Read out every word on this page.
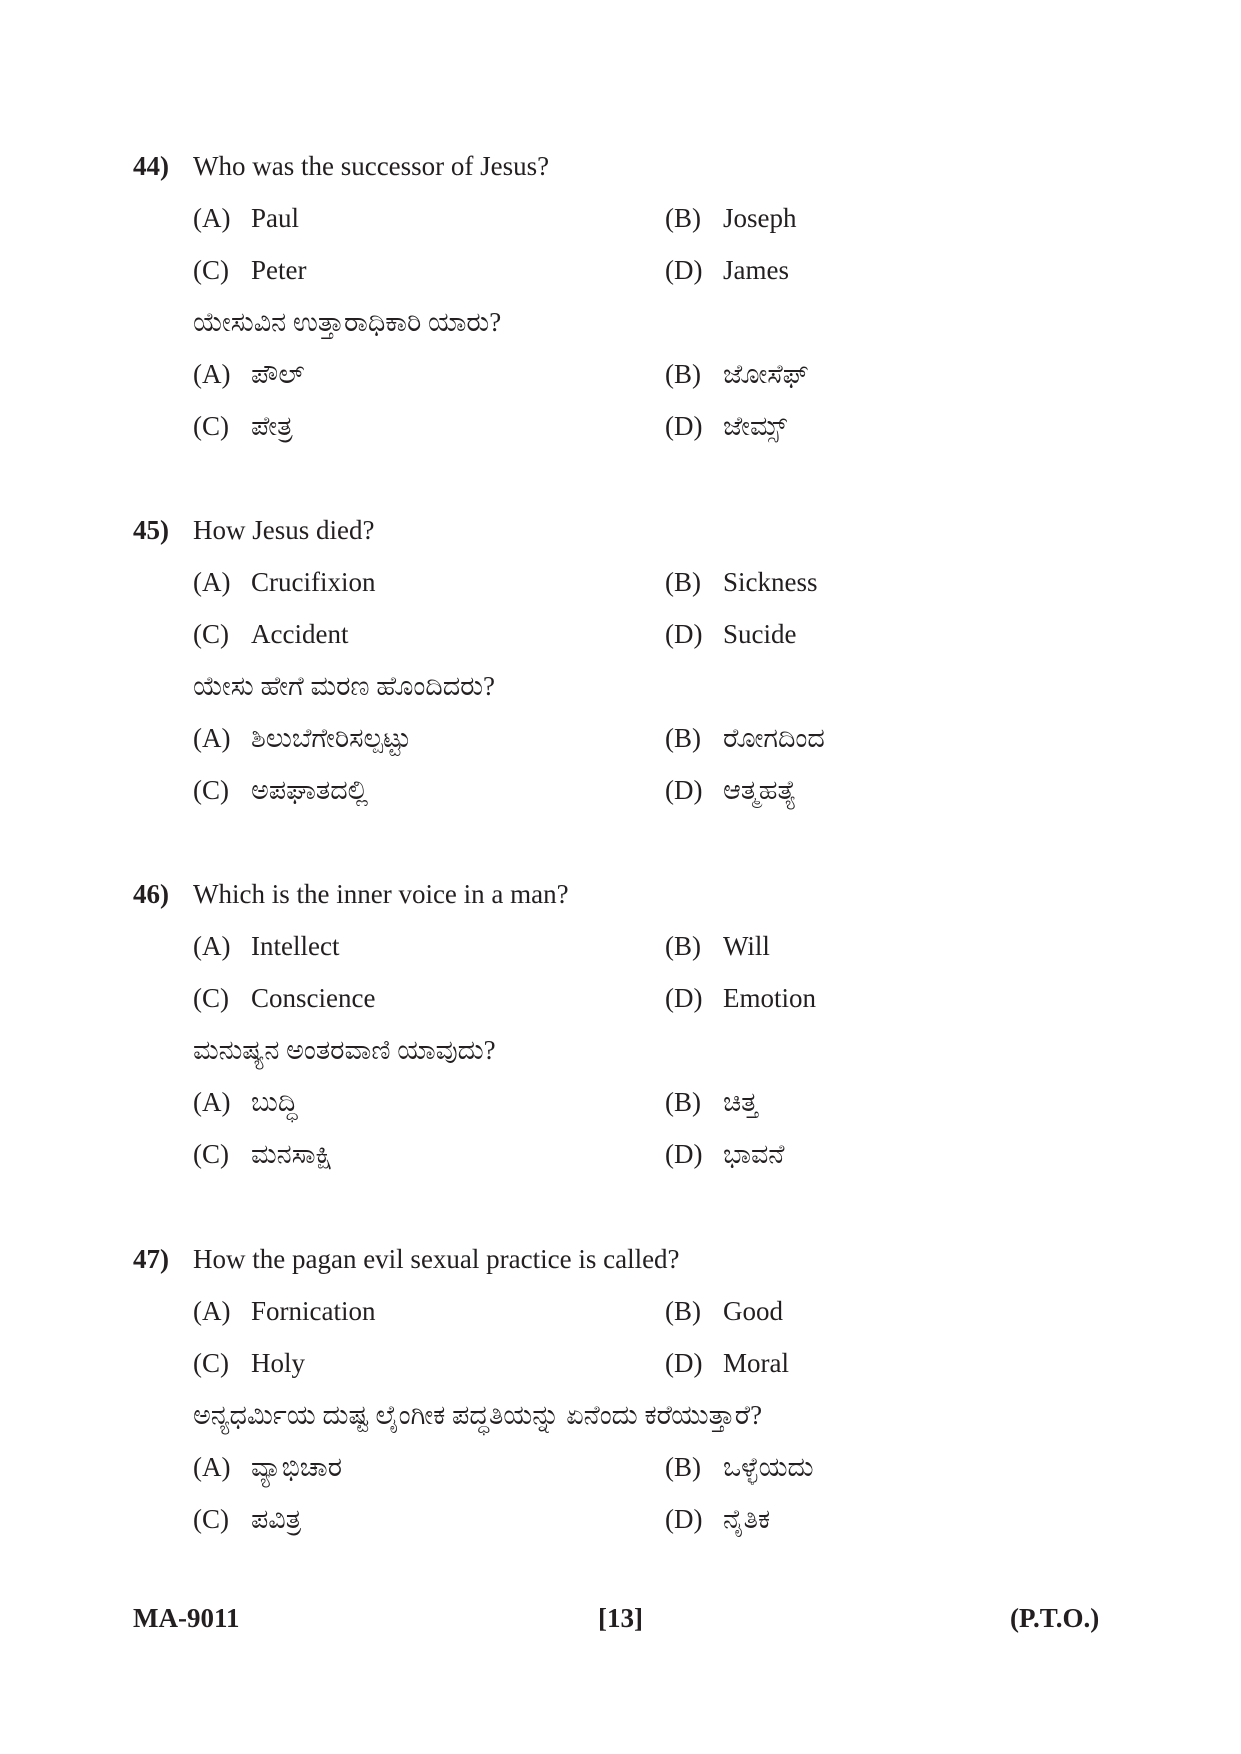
44) Who was the successor of Jesus?
(A) Paul	(B) Joseph
(C) Peter	(D) James
ಯೇಸುವಿನ ಉತ್ತಾರಾಧಿಕಾರಿ ಯಾರು?
(A) ಪೌಲ್	(B) ಜೋಸೆಫ್
(C) ಪೇತ್ರ	(D) ಜೇಮ್ಸ್
45) How Jesus died?
(A) Crucifixion	(B) Sickness
(C) Accident	(D) Sucide
ಯೇಸು ಹೇಗೆ ಮರಣ ಹೊಂದಿದರು?
(A) ಶಿಲುಬೆಗೇರಿಸಲ್ಪಟ್ಟು	(B) ರೋಗದಿಂದ
(C) ಅಪಘಾತದಲ್ಲಿ	(D) ಆತ್ಮಹತ್ಯೆ
46) Which is the inner voice in a man?
(A) Intellect	(B) Will
(C) Conscience	(D) Emotion
ಮನುಷ್ಯನ ಅಂತರವಾಣಿ ಯಾವುದು?
(A) ಬುದ್ಧಿ	(B) ಚಿತ್ತ
(C) ಮನಸಾಕ್ಷಿ	(D) ಭಾವನೆ
47) How the pagan evil sexual practice is called?
(A) Fornication	(B) Good
(C) Holy	(D) Moral
ಅನ್ಯಧರ್ಮಿಯ ದುಷ್ಟ ಲೈಂಗೀಕ ಪದ್ಧತಿಯನ್ನು ಏನೆಂದು ಕರೆಯುತ್ತಾರೆ?
(A) ವ್ಯಾಭಿಚಾರ	(B) ಒಳ್ಳೆಯದು
(C) ಪವಿತ್ರ	(D) ನೈತಿಕ
MA-9011	[13]	(P.T.O.)
